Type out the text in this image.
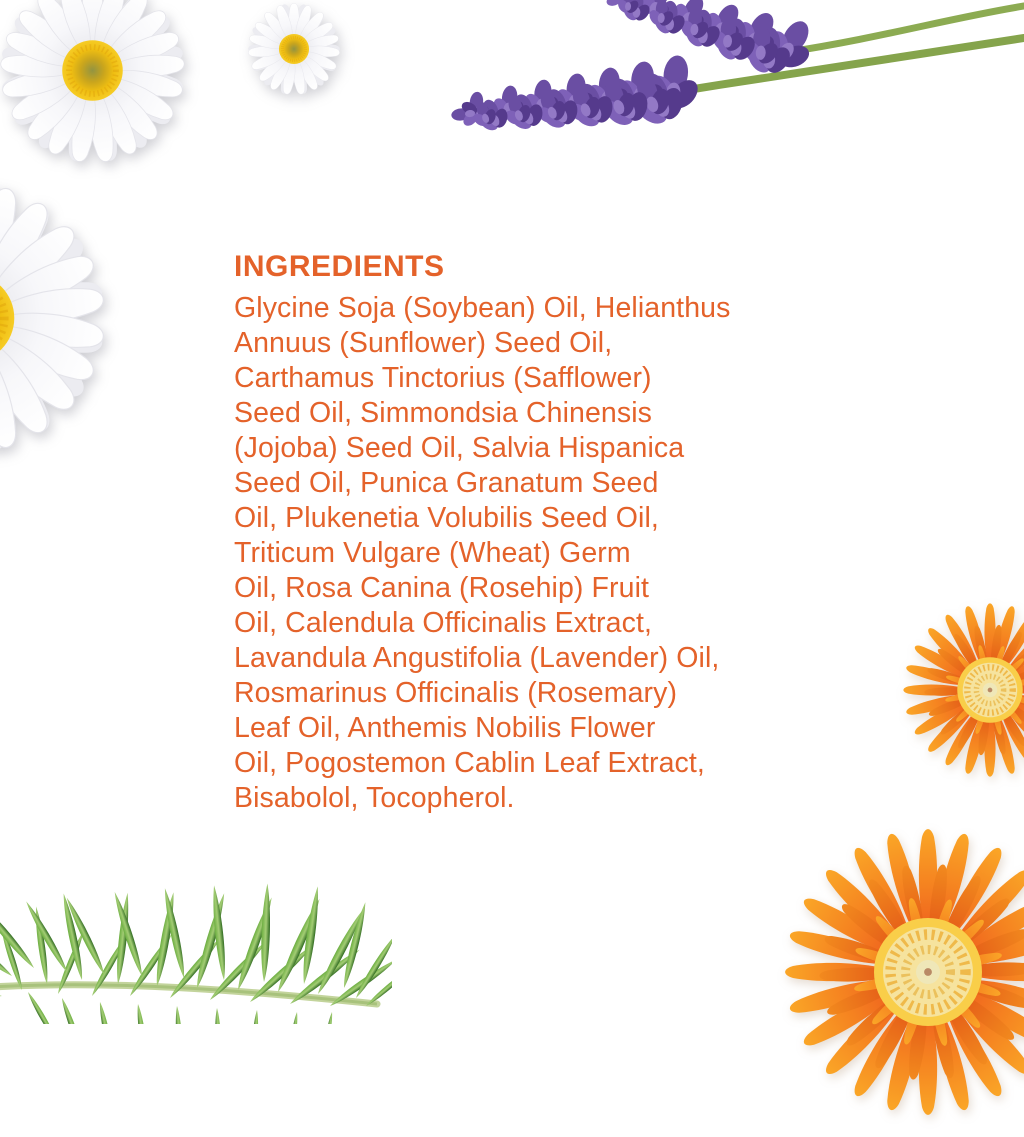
INGREDIENTS
Glycine Soja (Soybean) Oil, Helianthus
Annuus (Sunflower) Seed Oil,
Carthamus Tinctorius (Safflower)
Seed Oil, Simmondsia Chinensis
(Jojoba) Seed Oil, Salvia Hispanica
Seed Oil, Punica Granatum Seed
Oil, Plukenetia Volubilis Seed Oil,
Triticum Vulgare (Wheat) Germ
Oil, Rosa Canina (Rosehip) Fruit
Oil, Calendula Officinalis Extract,
Lavandula Angustifolia (Lavender) Oil,
Rosmarinus Officinalis (Rosemary)
Leaf Oil, Anthemis Nobilis Flower
Oil, Pogostemon Cablin Leaf Extract,
Bisabolol, Tocopherol.
